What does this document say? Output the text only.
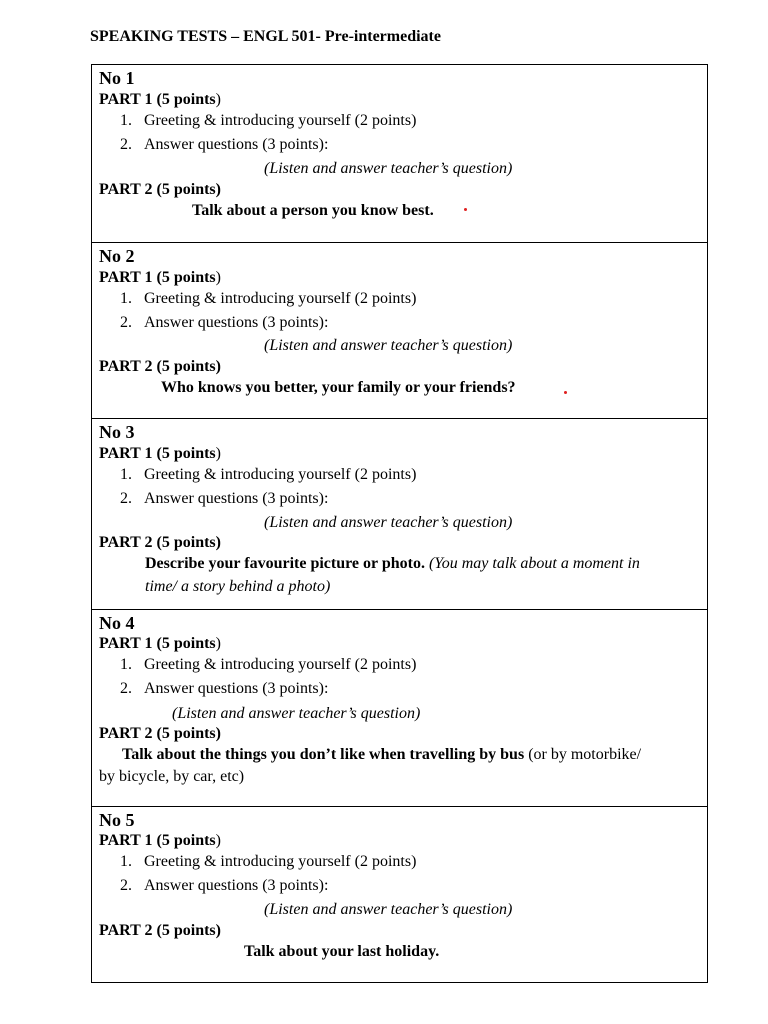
SPEAKING TESTS – ENGL 501- Pre-intermediate
No 1
PART 1 (5 points)
1. Greeting & introducing yourself (2 points)
2. Answer questions (3 points):
(Listen and answer teacher’s question)
PART 2 (5 points)
Talk about a person you know best.
No 2
PART 1 (5 points)
1. Greeting & introducing yourself (2 points)
2. Answer questions (3 points):
(Listen and answer teacher’s question)
PART 2 (5 points)
Who knows you better, your family or your friends?
No 3
PART 1 (5 points)
1. Greeting & introducing yourself (2 points)
2. Answer questions (3 points):
(Listen and answer teacher’s question)
PART 2 (5 points)
Describe your favourite picture or photo. (You may talk about a moment in
time/ a story behind a photo)
No 4
PART 1 (5 points)
1. Greeting & introducing yourself (2 points)
2. Answer questions (3 points):
(Listen and answer teacher’s question)
PART 2 (5 points)
Talk about the things you don’t like when travelling by bus (or by motorbike/
by bicycle, by car, etc)
No 5
PART 1 (5 points)
1. Greeting & introducing yourself (2 points)
2. Answer questions (3 points):
(Listen and answer teacher’s question)
PART 2 (5 points)
Talk about your last holiday.
